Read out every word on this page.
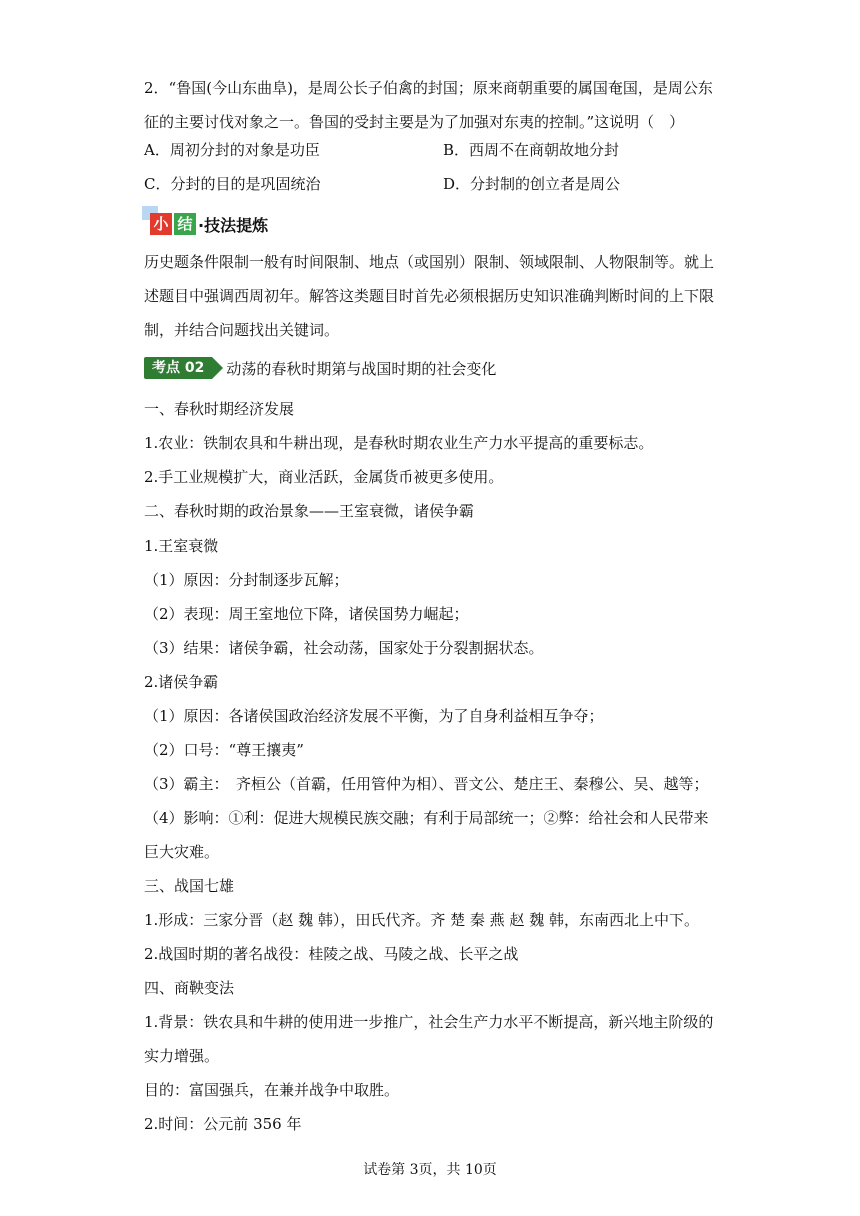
2．“鲁国(今山东曲阜)，是周公长子伯禽的封国；原来商朝重要的属国奄国，是周公东征的主要讨伐对象之一。鲁国的受封主要是为了加强对东夷的控制。”这说明（　）
A．周初分封的对象是功臣	B．西周不在商朝故地分封
C．分封的目的是巩固统治	D．分封制的创立者是周公
小 结 ·技法提炼
历史题条件限制一般有时间限制、地点（或国别）限制、领域限制、人物限制等。就上述题目中强调西周初年。解答这类题目时首先必须根据历史知识准确判断时间的上下限制，并结合问题找出关键词。
考点 02	动荡的春秋时期第与战国时期的社会变化
一、春秋时期经济发展
1.农业：铁制农具和牛耕出现，是春秋时期农业生产力水平提高的重要标志。
2.手工业规模扩大，商业活跃，金属货币被更多使用。
二、春秋时期的政治景象——王室衰微，诸侯争霸
1.王室衰微
（1）原因：分封制逐步瓦解；
（2）表现：周王室地位下降，诸侯国势力崛起；
（3）结果：诸侯争霸，社会动荡，国家处于分裂割据状态。
2.诸侯争霸
（1）原因：各诸侯国政治经济发展不平衡，为了自身利益相互争夺；
（2）口号：“尊王攘夷”
（3）霸主：　齐桓公（首霸，任用管仲为相）、晋文公、楚庄王、秦穆公、吴、越等；
（4）影响：①利：促进大规模民族交融；有利于局部统一；②弊：给社会和人民带来巨大灾难。
三、战国七雄
1.形成：三家分晋（赵 魏 韩），田氏代齐。齐 楚 秦 燕 赵 魏 韩，东南西北上中下。
2.战国时期的著名战役：桂陵之战、马陵之战、长平之战
四、商鞅变法
1.背景：铁农具和牛耕的使用进一步推广，社会生产力水平不断提高，新兴地主阶级的实力增强。
目的：富国强兵，在兼并战争中取胜。
2.时间：公元前 356 年
试卷第 3页，共 10页
